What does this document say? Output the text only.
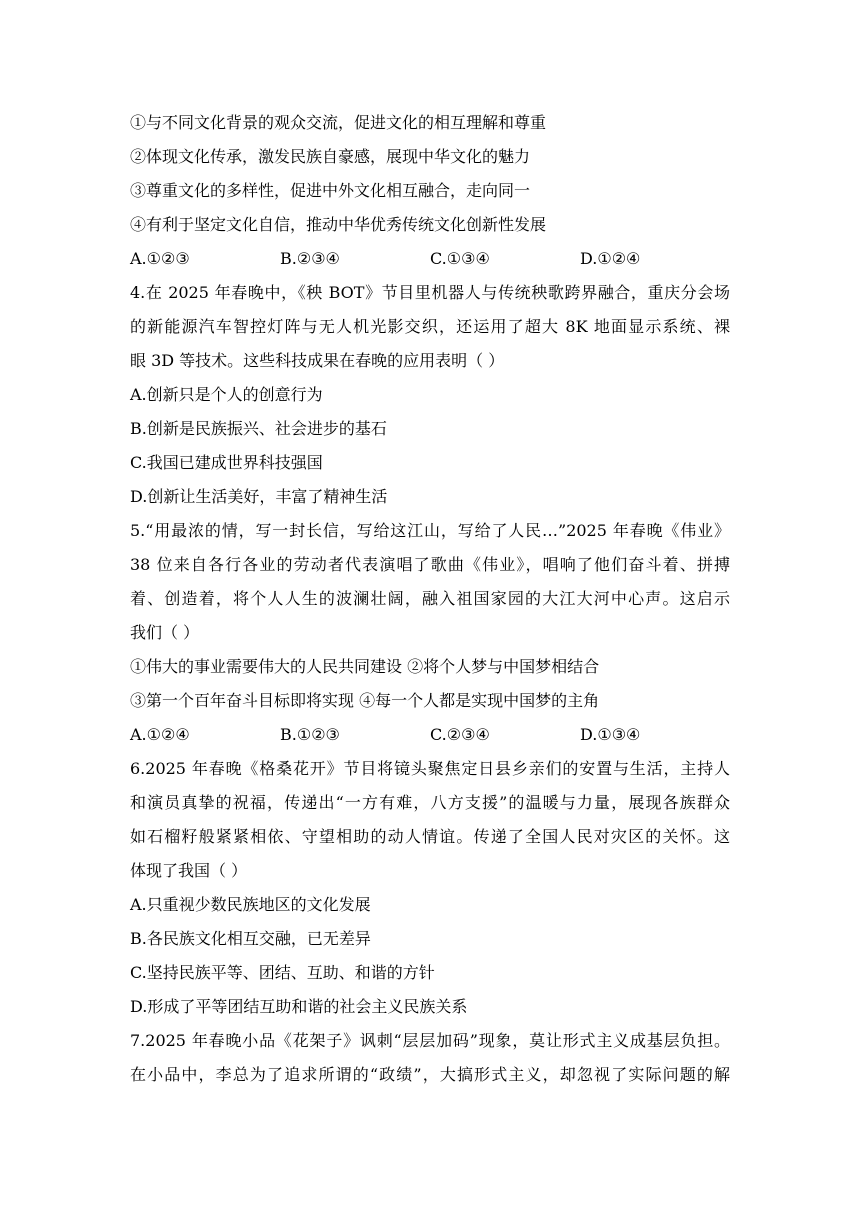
①与不同文化背景的观众交流，促进文化的相互理解和尊重
②体现文化传承，激发民族自豪感，展现中华文化的魅力
③尊重文化的多样性，促进中外文化相互融合，走向同一
④有利于坚定文化自信，推动中华优秀传统文化创新性发展
A.①②③	B.②③④	C.①③④	D.①②④
4.在 2025 年春晚中，《秧 BOT》节目里机器人与传统秧歌跨界融合，重庆分会场
的新能源汽车智控灯阵与无人机光影交织，还运用了超大 8K 地面显示系统、裸
眼 3D 等技术。这些科技成果在春晚的应用表明（ ）
A.创新只是个人的创意行为
B.创新是民族振兴、社会进步的基石
C.我国已建成世界科技强国
D.创新让生活美好，丰富了精神生活
5.“用最浓的情，写一封长信，写给这江山，写给了人民…”2025 年春晚《伟业》
38 位来自各行各业的劳动者代表演唱了歌曲《伟业》，唱响了他们奋斗着、拼搏
着、创造着，将个人人生的波澜壮阔，融入祖国家园的大江大河中心声。这启示
我们（ ）
①伟大的事业需要伟大的人民共同建设 ②将个人梦与中国梦相结合
③第一个百年奋斗目标即将实现 ④每一个人都是实现中国梦的主角
A.①②④	B.①②③	C.②③④	D.①③④
6.2025 年春晚《格桑花开》节目将镜头聚焦定日县乡亲们的安置与生活，主持人
和演员真挚的祝福，传递出“一方有难，八方支援”的温暖与力量，展现各族群众
如石榴籽般紧紧相依、守望相助的动人情谊。传递了全国人民对灾区的关怀。这
体现了我国（ ）
A.只重视少数民族地区的文化发展
B.各民族文化相互交融，已无差异
C.坚持民族平等、团结、互助、和谐的方针
D.形成了平等团结互助和谐的社会主义民族关系
7.2025 年春晚小品《花架子》讽刺“层层加码”现象，莫让形式主义成基层负担。
在小品中，李总为了追求所谓的“政绩”，大搞形式主义，却忽视了实际问题的解
